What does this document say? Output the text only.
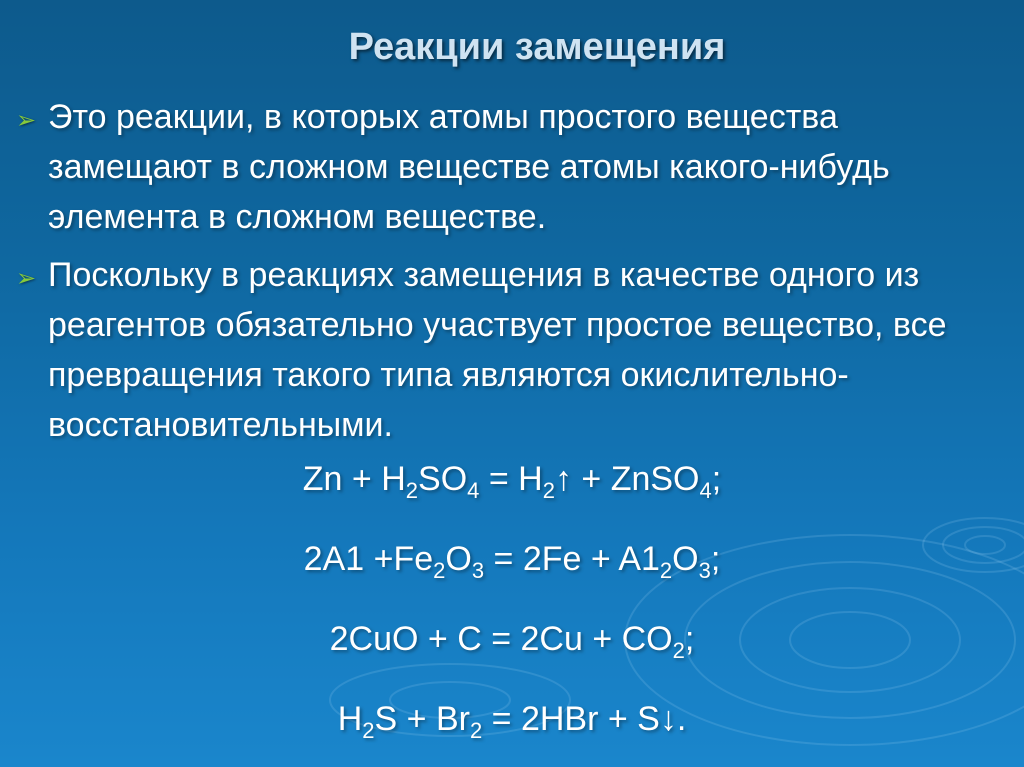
Реакции замещения
➢ Это реакции, в которых атомы простого вещества замещают в сложном веществе атомы какого-нибудь элемента в сложном веществе.
➢ Поскольку в реакциях замещения в качестве одного из реагентов обязательно участвует простое вещество, все превращения такого типа являются окислительно-восстановительными.
$Zn + H_2SO_4$ = $H_2↑$ + ZnSO$_4$;
$2A1 +Fe_2O_3 = 2Fe + A1_2O_3$;
$2CuO + C = 2Cu + CO_2$;
$H_2S + Br_2 = 2HBr$ + S↓.
